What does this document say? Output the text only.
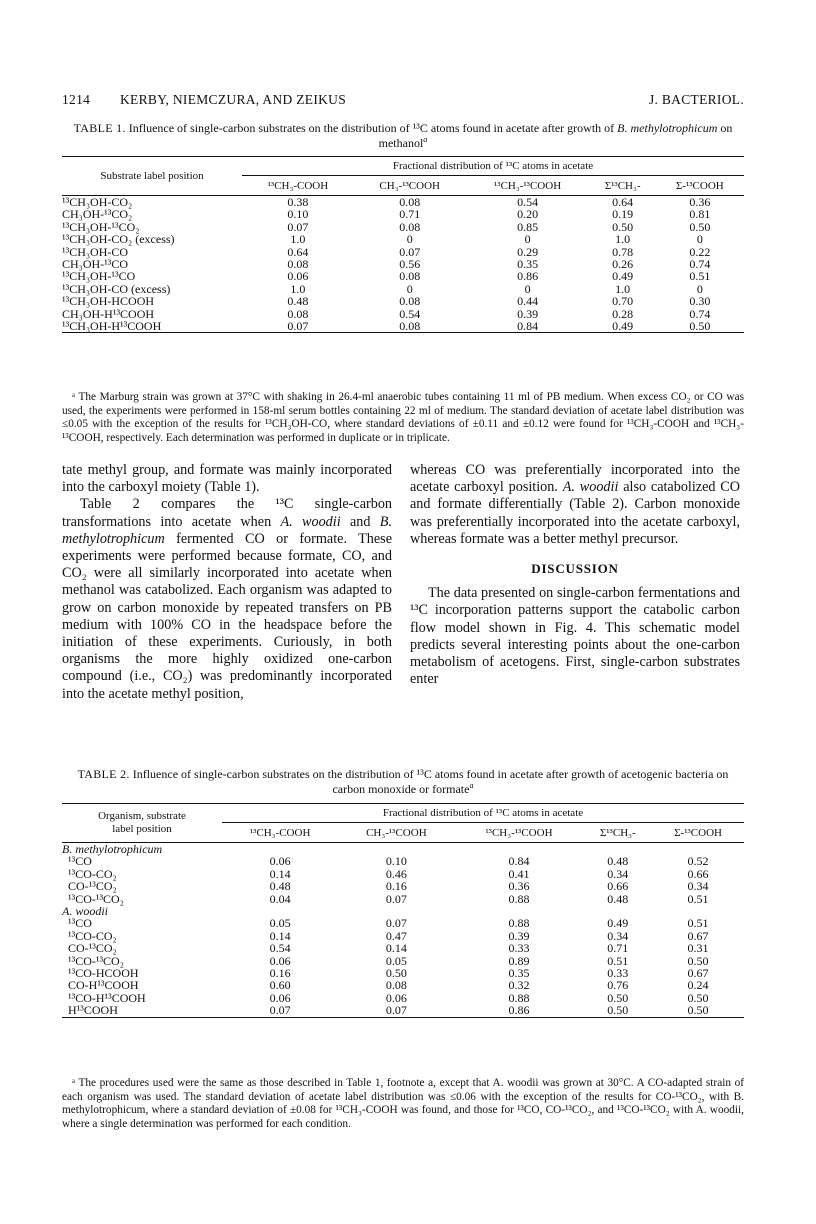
1214 KERBY, NIEMCZURA, AND ZEIKUS	J. BACTERIOL.
TABLE 1. Influence of single-carbon substrates on the distribution of ¹³C atoms found in acetate after growth of B. methylotrophicum on methanol$^a$
Substrate label position	Fractional distribution of ¹³C atoms in acetate				
	¹³CH₃-COOH	CH₃-¹³COOH	¹³CH₃-¹³COOH	Σ¹³CH₃-	Σ-¹³COOH
¹³CH₃OH-CO₂	0.38	0.08	0.54	0.64	0.36
CH₃OH-¹³CO₂	0.10	0.71	0.20	0.19	0.81
¹³CH₃OH-¹³CO₂	0.07	0.08	0.85	0.50	0.50
¹³CH₃OH-CO₂ (excess)	1.0	0	0	1.0	0
¹³CH₃OH-CO	0.64	0.07	0.29	0.78	0.22
CH₃OH-¹³CO	0.08	0.56	0.35	0.26	0.74
¹³CH₃OH-¹³CO	0.06	0.08	0.86	0.49	0.51
¹³CH₃OH-CO (excess)	1.0	0	0	1.0	0
¹³CH₃OH-HCOOH	0.48	0.08	0.44	0.70	0.30
CH₃OH-H¹³COOH	0.08	0.54	0.39	0.28	0.74
¹³CH₃OH-H¹³COOH	0.07	0.08	0.84	0.49	0.50
ᵃ The Marburg strain was grown at 37°C with shaking in 26.4-ml anaerobic tubes containing 11 ml of PB medium. When excess CO₂ or CO was used, the experiments were performed in 158-ml serum bottles containing 22 ml of medium. The standard deviation of acetate label distribution was ≤0.05 with the exception of the results for ¹³CH₃OH-CO, where standard deviations of ±0.11 and ±0.12 were found for ¹³CH₃-COOH and ¹³CH₃-¹³COOH, respectively. Each determination was performed in duplicate or in triplicate.

tate methyl group, and formate was mainly incorporated into the carboxyl moiety (Table 1).

Table 2 compares the ¹³C single-carbon transformations into acetate when A. woodii and B. methylotrophicum fermented CO or formate. These experiments were performed because formate, CO, and CO₂ were all similarly incorporated into acetate when methanol was catabolized. Each organism was adapted to grow on carbon monoxide by repeated transfers on PB medium with 100% CO in the headspace before the initiation of these experiments. Curiously, in both organisms the more highly oxidized one-carbon compound (i.e., CO₂) was predominantly incorporated into the acetate methyl position,

whereas CO was preferentially incorporated into the acetate carboxyl position. A. woodii also catabolized CO and formate differentially (Table 2). Carbon monoxide was preferentially incorporated into the acetate carboxyl, whereas formate was a better methyl precursor.

DISCUSSION

The data presented on single-carbon fermentations and ¹³C incorporation patterns support the catabolic carbon flow model shown in Fig. 4. This schematic model predicts several interesting points about the one-carbon metabolism of acetogens. First, single-carbon substrates enter

TABLE 2. Influence of single-carbon substrates on the distribution of ¹³C atoms found in acetate after growth of acetogenic bacteria on carbon monoxide or formate$^a$
Organism, substrate
label position	Fractional distribution of ¹³C atoms in acetate				
	¹³CH₃-COOH	CH₃-¹³COOH	¹³CH₃-¹³COOH	Σ¹³CH₃-	Σ-¹³COOH
B. methylotrophicum					
¹³CO	0.06	0.10	0.84	0.48	0.52
¹³CO-CO₂	0.14	0.46	0.41	0.34	0.66
CO-¹³CO₂	0.48	0.16	0.36	0.66	0.34
¹³CO-¹³CO₂	0.04	0.07	0.88	0.48	0.51
A. woodii					
¹³CO	0.05	0.07	0.88	0.49	0.51
¹³CO-CO₂	0.14	0.47	0.39	0.34	0.67
CO-¹³CO₂	0.54	0.14	0.33	0.71	0.31
¹³CO-¹³CO₂	0.06	0.05	0.89	0.51	0.50
¹³CO-HCOOH	0.16	0.50	0.35	0.33	0.67
CO-H¹³COOH	0.60	0.08	0.32	0.76	0.24
¹³CO-H¹³COOH	0.06	0.06	0.88	0.50	0.50
H¹³COOH	0.07	0.07	0.86	0.50	0.50
ᵃ The procedures used were the same as those described in Table 1, footnote a, except that A. woodii was grown at 30°C. A CO-adapted strain of each organism was used. The standard deviation of acetate label distribution was ≤0.06 with the exception of the results for CO-¹³CO₂, with B. methylotrophicum, where a standard deviation of ±0.08 for ¹³CH₃-COOH was found, and those for ¹³CO, CO-¹³CO₂, and ¹³CO-¹³CO₂ with A. woodii, where a single determination was performed for each condition.
